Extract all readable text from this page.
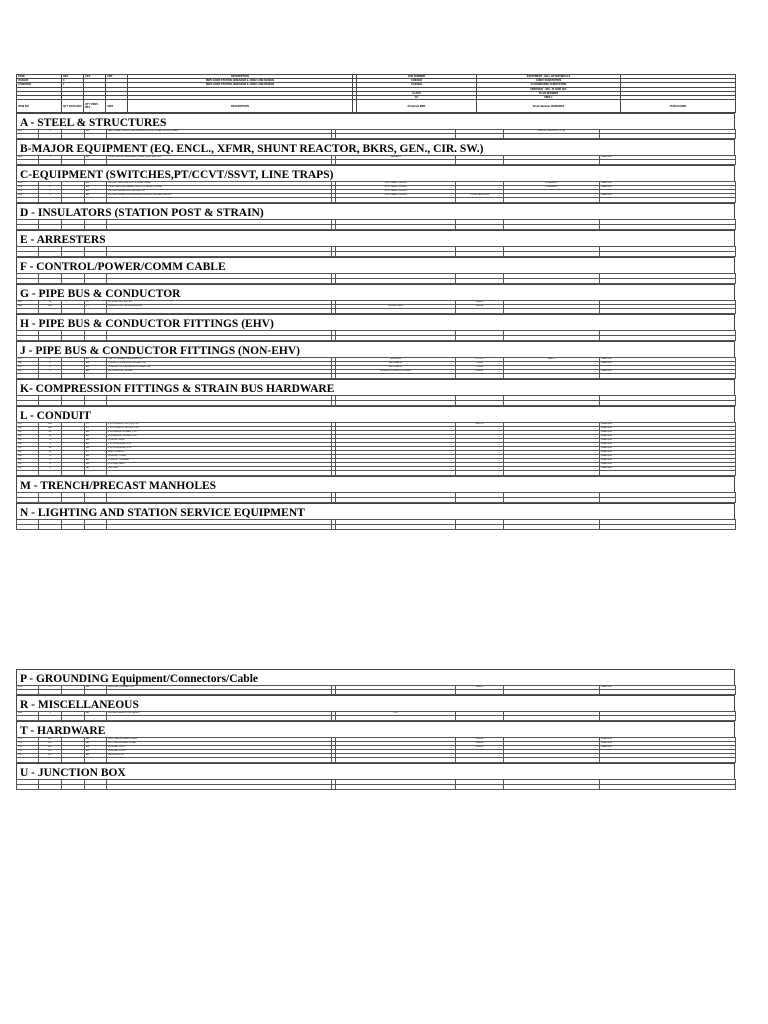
DATE	REV	CKT	APP	DESCRIPTION		JOB NUMBER	EQUIPMENT - BILL OF MATERIALS	
05/24/22	0			REPLACED STATION, BREAKER & 138kV LINE DESIGN		CH23333	138KV SUBSTATION	
07/22/2022	1			REPLACED STATION, BREAKER & 138kV LINE DESIGN		CA33333	FLOODMARSH SUBSTATION	
							ANDOVER - SPL. FLOOR. BO.	
						CLASS	PLAN NUMBER	
						CC	MBS-1	
ITEM NO.	QTY DATA REV	QTY PREV REV	UNIT	DESCRIPTION		Preferred MFR	Stock Number REMARKS	PURCHASER
A - STEEL & STRUCTURES
A01	1		EA	SEE STEEL STRUCTURE DRAWINGS FOR STEEL STRUCTURES				SUPPLY FROM (A) TO (B)	

B-MAJOR EQUIPMENT (EQ. ENCL., XFMR, SHUNT REACTOR, BKRS, GEN., CIR. SW.)
B01	1		EA	138kV CIRCUIT BREAKER, 3000A, 40kA, SF6 GAS		SIEMENS			AVERSON

C-EQUIPMENT (SWITCHES,PT/CCVT/SSVT, LINE TRAPS)
C01	3		EA	SWITCH, GROUND ON 3 PHASE, 1200A		SOUTHERN STATES		ANDREWS	AVERSON
C02	3		EA	138kV VERTICAL BREAK SWITCH, 1200A, 3 POLE		SOUTHERN STATES		ANDREWS	AVERSON
C03	1		EA	MOTOR OPERATOR FOR SWITCH		SOUTHERN STATES			
C04	3		EA	MOTOR OPERATOR & RECORD OPERATING MECHANISM		SOUTHERN STATES	TOTAL WALL BOX		AVERSON

D - INSULATORS (STATION POST & STRAIN)

E - ARRESTERS

F - CONTROL/POWER/COMM CABLE

G - PIPE BUS & CONDUCTOR
G01	30		FT	PIPE BUS 4IN SCH 40			000001		
G02	100		FT	CONDUCTOR 795 KCMIL ACSR		ALCAN SIMR	000002		

H - PIPE BUS & CONDUCTOR FITTINGS (EHV)

J - PIPE BUS & CONDUCTOR FITTINGS (NON-EHV)
J01	4		EA	TEE TO SCREW TERMINAL PAD		MACLEAN	HPT1-4	110217	AVERSON
J02	4		EA	CABLE TO PIPE BUS CONNECTOR		BETA DELTA	775001		AVERSON
J03	4		EA	CONDUCTOR TERMINAL CONNECTOR		BETA DELTA	770001		
J04	3		EA	BUS SUPPORT CLAMP		HUBBELL POWER SYSTEMS	A52022		AVERSON

K- COMPRESSION FITTINGS & STRAIN BUS HARDWARE

L - CONDUIT
L01	400		FT	PVC CONDUIT, SCH 40, 2 IN			001070		AVERSON
L02	110		FT	PVC CONDUIT, SCH 80, 4 IN					AVERSON
L03	20		EA	PVC ELBOW, 90 DEG, 2 IN					AVERSON
L04	10		EA	PVC ELBOW, 90 DEG, 4 IN					AVERSON
L05	4		EA	CONDUIT BODY					AVERSON
L06	1		EA	PVC COUPLING, 2 IN					AVERSON
L07	10		EA	PVC COUPLING, 4 IN					AVERSON
L08	10		FT	FLEX CONDUIT					AVERSON
L09	4		EA	CONDUIT STRAP					AVERSON
L10	4		EA	CONDUIT HANGER					AVERSON
L11	4		EA	PVC END BELL					AVERSON
L12	4		EA	PVC CAP					AVERSON

M - TRENCH/PRECAST MANHOLES

N - LIGHTING AND STATION SERVICE EQUIPMENT

P - GROUNDING Equipment/Connectors/Cable
P01	1		EA	GROUND CONNECTOR			000007		AVERSON

R - MISCELLANEOUS
R01	1		EA	MISCELLANEOUS MATERIAL		N/A			

T - HARDWARE
T01	LOT		EA	BOLT, GALVANIZED STEEL			000038		AVERSON
T02	LOT		EA	NUT, GALVANIZED STEEL			000039		AVERSON
T03	LOT		EA	WASHER, FLAT			000040		AVERSON
T04	LOT		EA	WASHER, LOCK					
T05	LOT		EA	ANCHOR BOLT					

U - JUNCTION BOX
